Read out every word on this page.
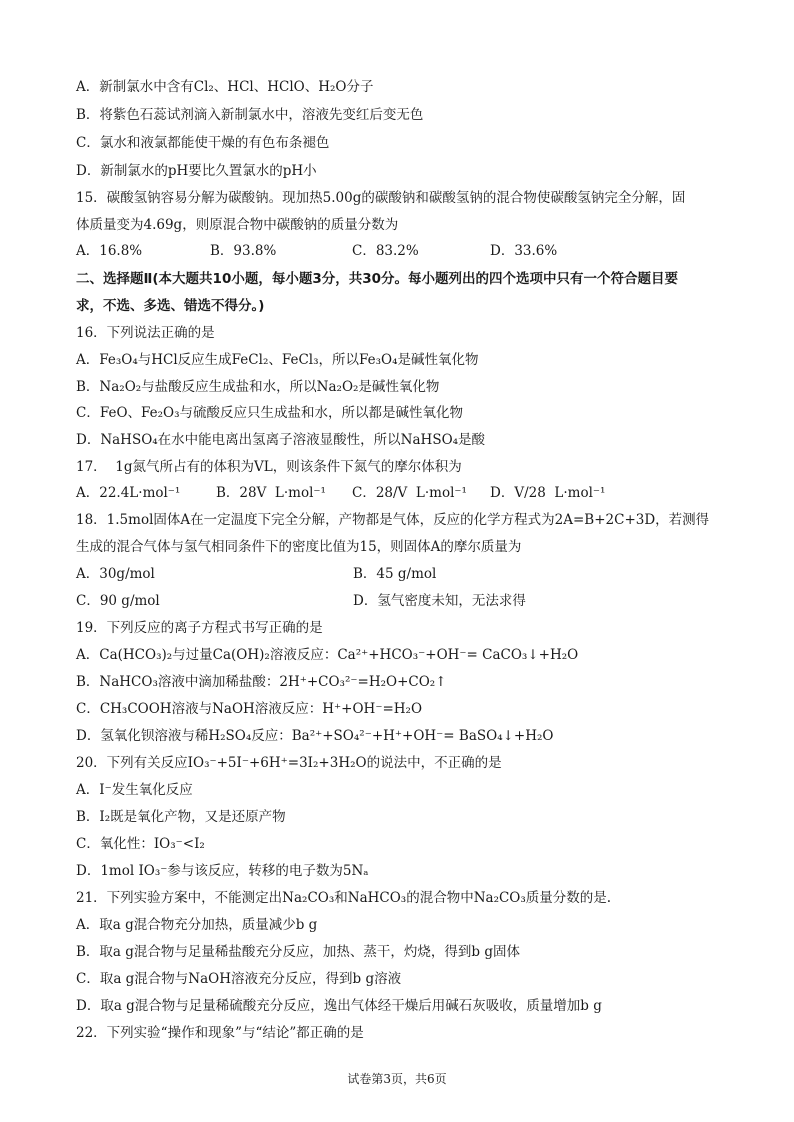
A．新制氯水中含有Cl₂、HCl、HClO、H₂O分子
B．将紫色石蕊试剂滴入新制氯水中，溶液先变红后变无色
C．氯水和液氯都能使干燥的有色布条褪色
D．新制氯水的pH要比久置氯水的pH小
15．碳酸氢钠容易分解为碳酸钠。现加热5.00g的碳酸钠和碳酸氢钠的混合物使碳酸氢钠完全分解，固
体质量变为4.69g，则原混合物中碳酸钠的质量分数为

A．16.8%

	B．93.8%

	C．83.2%

	D．33.6%

二、选择题Ⅱ(本大题共10小题，每小题3分，共30分。每小题列出的四个选项中只有一个符合题目要
求，不选、多选、错选不得分。)
16．下列说法正确的是
A．Fe₃O₄与HCl反应生成FeCl₂、FeCl₃，所以Fe₃O₄是碱性氧化物
B．Na₂O₂与盐酸反应生成盐和水，所以Na₂O₂是碱性氧化物
C．FeO、Fe₂O₃与硫酸反应只生成盐和水，所以都是碱性氧化物
D．NaHSO₄在水中能电离出氢离子溶液显酸性，所以NaHSO₄是酸
17．  1g氮气所占有的体积为VL，则该条件下氮气的摩尔体积为

A．22.4L·mol⁻¹

	B．28V  L·mol⁻¹

C．28/V  L·mol⁻¹

D．V/28  L·mol⁻¹

18．1.5mol固体A在一定温度下完全分解，产物都是气体，反应的化学方程式为2A=B+2C+3D，若测得
生成的混合气体与氢气相同条件下的密度比值为15，则固体A的摩尔质量为
A．30g/mol	B．45 g/mol
C．90 g/mol	D．氢气密度未知，无法求得
19．下列反应的离子方程式书写正确的是
A．Ca(HCO₃)₂与过量Ca(OH)₂溶液反应：Ca²⁺+HCO₃⁻+OH⁻= CaCO₃↓+H₂O
B．NaHCO₃溶液中滴加稀盐酸：2H⁺+CO₃²⁻=H₂O+CO₂↑
C．CH₃COOH溶液与NaOH溶液反应：H⁺+OH⁻=H₂O
D．氢氧化钡溶液与稀H₂SO₄反应：Ba²⁺+SO₄²⁻+H⁺+OH⁻= BaSO₄↓+H₂O
20．下列有关反应IO₃⁻+5I⁻+6H⁺=3I₂+3H₂O的说法中，不正确的是
A．I⁻发生氧化反应
B．I₂既是氧化产物，又是还原产物
C．氧化性：IO₃⁻<I₂
D．1mol IO₃⁻参与该反应，转移的电子数为5Nₐ
21．下列实验方案中，不能测定出Na₂CO₃和NaHCO₃的混合物中Na₂CO₃质量分数的是.
A．取a g混合物充分加热，质量减少b g
B．取a g混合物与足量稀盐酸充分反应，加热、蒸干，灼烧，得到b g固体
C．取a g混合物与NaOH溶液充分反应，得到b g溶液
D．取a g混合物与足量稀硫酸充分反应，逸出气体经干燥后用碱石灰吸收，质量增加b g
22．下列实验“操作和现象”与“结论”都正确的是
试卷第3页，共6页
